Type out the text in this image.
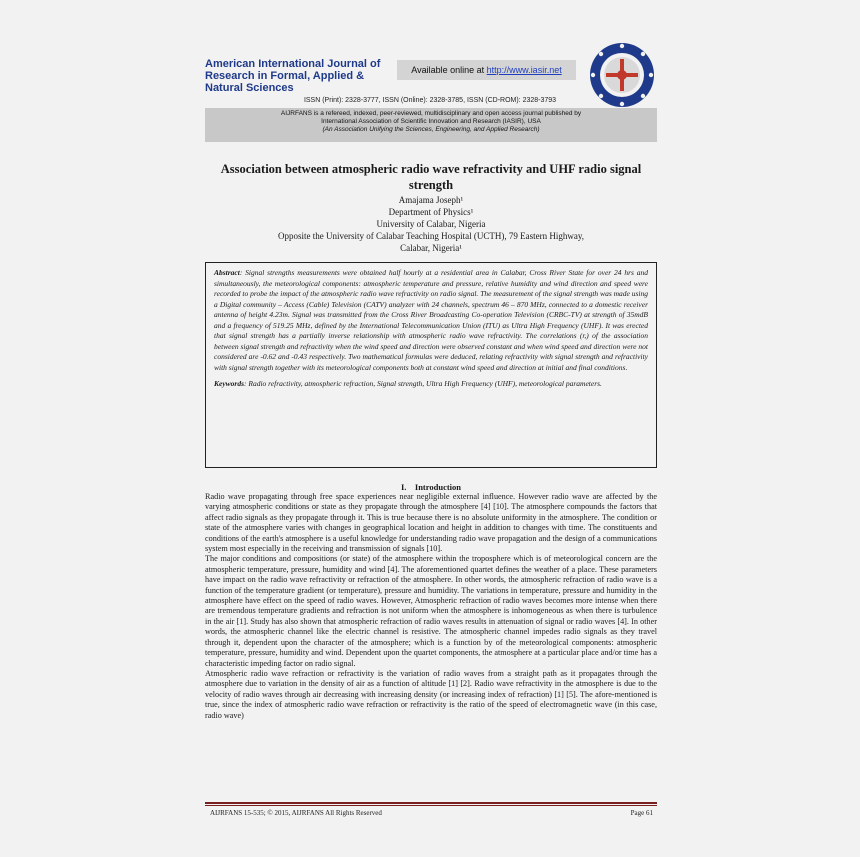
American International Journal of Research in Formal, Applied & Natural Sciences
Available online at http://www.iasir.net
ISSN (Print): 2328-3777, ISSN (Online): 2328-3785, ISSN (CD-ROM): 2328-3793
AIJRFANS is a refereed, indexed, peer-reviewed, multidisciplinary and open access journal published by
International Association of Scientific Innovation and Research (IASIR), USA
(An Association Unifying the Sciences, Engineering, and Applied Research)
Association between atmospheric radio wave refractivity and UHF radio signal strength
Amajama Joseph¹
Department of Physics¹
University of Calabar, Nigeria
Opposite the University of Calabar Teaching Hospital (UCTH), 79 Eastern Highway,
Calabar, Nigeria¹
Abstract: Signal strengths measurements were obtained half hourly at a residential area in Calabar, Cross River State for over 24 hrs and simultaneously, the meteorological components: atmospheric temperature and pressure, relative humidity and wind direction and speed were recorded to probe the impact of the atmospheric radio wave refractivity on radio signal. The measurement of the signal strength was made using a Digital community – Access (Cable) Television (CATV) analyzer with 24 channels, spectrum 46 – 870 MHz, connected to a domestic receiver antenna of height 4.23m. Signal was transmitted from the Cross River Broadcasting Co-operation Television (CRBC-TV) at strength of 35mdB and a frequency of 519.25 MHz, defined by the International Telecommunication Union (ITU) as Ultra High Frequency (UHF). It was erected that signal strength has a partially inverse relationship with atmospheric radio wave refractivity. The correlations (r,) of the association between signal strength and refractivity when the wind speed and direction were observed constant and when wind speed and direction were not considered are -0.62 and -0.43 respectively. Two mathematical formulas were deduced, relating refractivity with signal strength and refractivity with signal strength together with its meteorological components both at constant wind speed and direction at initial and final conditions.
Keywords: Radio refractivity, atmospheric refraction, Signal strength, Ultra High Frequency (UHF), meteorological parameters.
I. Introduction

Radio wave propagating through free space experiences near negligible external influence. However radio wave are affected by the varying atmospheric conditions or state as they propagate through the atmosphere [4] [10]. The atmosphere compounds the factors that affect radio signals as they propagate through it. This is true because there is no absolute uniformity in the atmosphere. The condition or state of the atmosphere varies with changes in geographical location and height in addition to changes with time. The constituents and conditions of the earth's atmosphere is a useful knowledge for understanding radio wave propagation and the design of a communications system most especially in the receiving and transmission of signals [10].

The major conditions and compositions (or state) of the atmosphere within the troposphere which is of meteorological concern are the atmospheric temperature, pressure, humidity and wind [4]. The aforementioned quartet defines the weather of a place. These parameters have impact on the radio wave refractivity or refraction of the atmosphere. In other words, the atmospheric refraction of radio wave is a function of the temperature gradient (or temperature), pressure and humidity. The variations in temperature, pressure and humidity in the atmosphere have effect on the speed of radio waves. However, Atmospheric refraction of radio waves becomes more intense when there are tremendous temperature gradients and refraction is not uniform when the atmosphere is inhomogeneous as when there is turbulence in the air [1]. Study has also shown that atmospheric refraction of radio waves results in attenuation of signal or radio waves [4]. In other words, the atmospheric channel like the electric channel is resistive. The atmospheric channel impedes radio signals as they travel through it, dependent upon the character of the atmosphere; which is a function by of the meteorological components: atmospheric temperature, pressure, humidity and wind. Dependent upon the quartet components, the atmosphere at a particular place and/or time has a characteristic impeding factor on radio signal.

Atmospheric radio wave refraction or refractivity is the variation of radio waves from a straight path as it propagates through the atmosphere due to variation in the density of air as a function of altitude [1] [2]. Radio wave refractivity in the atmosphere is due to the velocity of radio waves through air decreasing with increasing density (or increasing index of refraction) [1] [5]. The afore-mentioned is true, since the index of atmospheric radio wave refraction or refractivity is the ratio of the speed of electromagnetic wave (in this case, radio wave)

AIJRFANS 15-535; © 2015, AIJRFANS All Rights Reserved	Page 61
